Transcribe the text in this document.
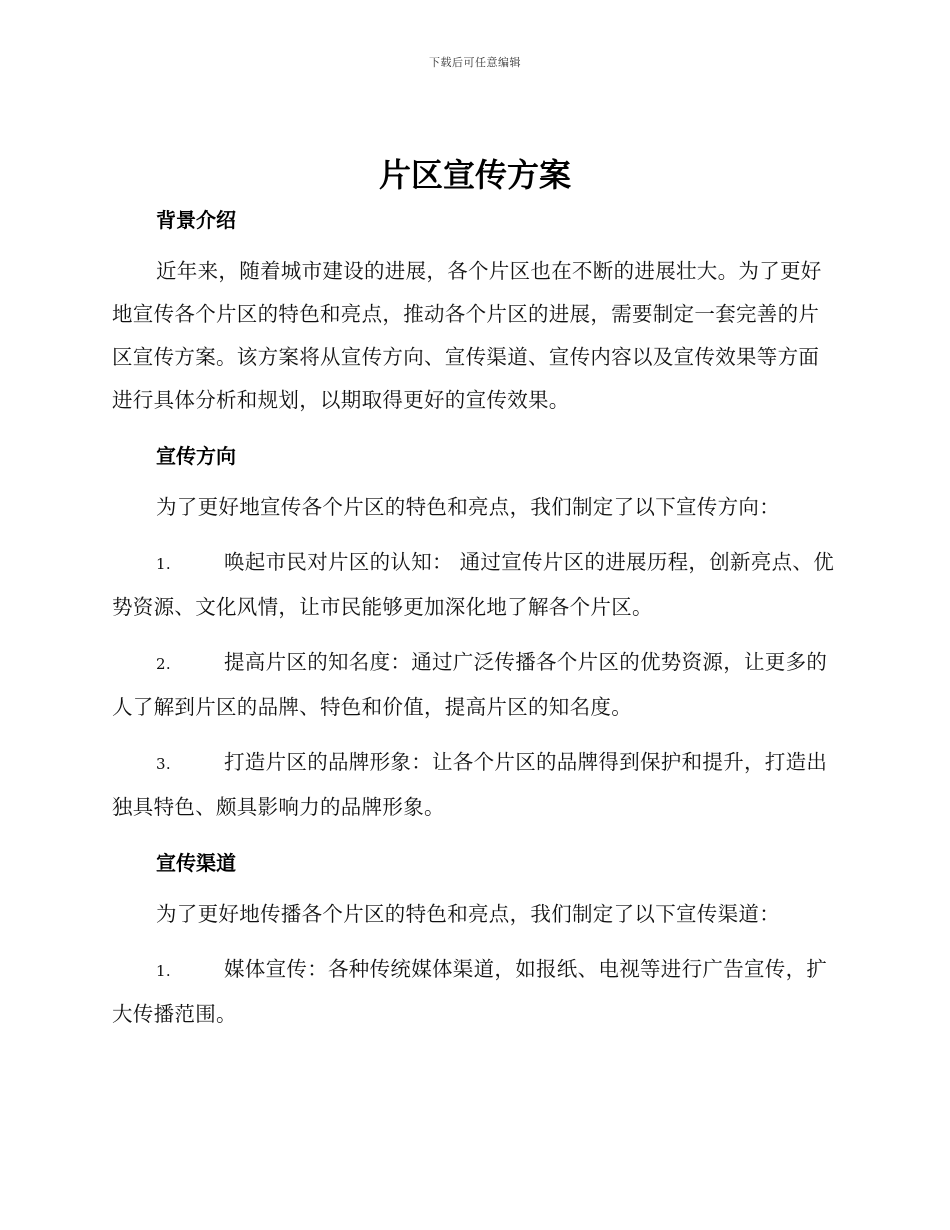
下载后可任意编辑
片区宣传方案
背景介绍

近年来，随着城市建设的进展，各个片区也在不断的进展壮大。为了更好地宣传各个片区的特色和亮点，推动各个片区的进展，需要制定一套完善的片区宣传方案。该方案将从宣传方向、宣传渠道、宣传内容以及宣传效果等方面进行具体分析和规划，以期取得更好的宣传效果。

宣传方向

为了更好地宣传各个片区的特色和亮点，我们制定了以下宣传方向：

1.	唤起市民对片区的认知： 通过宣传片区的进展历程，创新亮点、优势资源、文化风情，让市民能够更加深化地了解各个片区。

2.	提高片区的知名度：通过广泛传播各个片区的优势资源，让更多的人了解到片区的品牌、特色和价值，提高片区的知名度。

3.	打造片区的品牌形象：让各个片区的品牌得到保护和提升，打造出独具特色、颇具影响力的品牌形象。

宣传渠道

为了更好地传播各个片区的特色和亮点，我们制定了以下宣传渠道：

1.	媒体宣传：各种传统媒体渠道，如报纸、电视等进行广告宣传，扩大传播范围。
